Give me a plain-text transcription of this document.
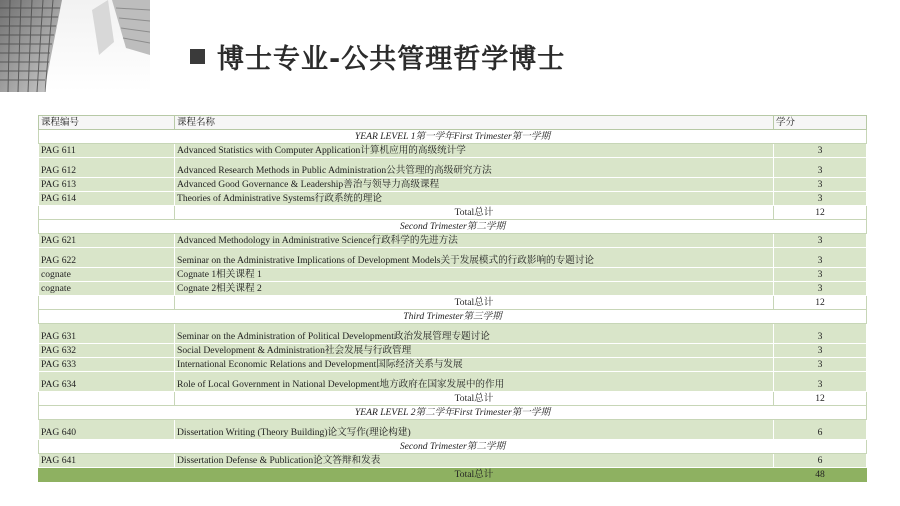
博士专业-公共管理哲学博士
课程编号	课程名称	学分
YEAR LEVEL 1第一学年First Trimester第一学期		
PAG 611	Advanced Statistics with Computer Application计算机应用的高级统计学	3
PAG 612	Advanced Research Methods in Public Administration公共管理的高级研究方法	3
PAG 613	Advanced Good Governance & Leadership善治与领导力高级课程	3
PAG 614	Theories of Administrative Systems行政系统的理论	3
	Total总计	12
Second Trimester第二学期		
PAG 621	Advanced Methodology in Administrative Science行政科学的先进方法	3
PAG 622	Seminar on the Administrative Implications of Development Models关于发展模式的行政影响的专题讨论	3
cognate	Cognate 1相关课程 1	3
cognate	Cognate 2相关课程 2	3
	Total总计	12
Third Trimester第三学期		
PAG 631	Seminar on the Administration of Political Development政治发展管理专题讨论	3
PAG 632	Social Development & Administration社会发展与行政管理	3
PAG 633	International Economic Relations and Development国际经济关系与发展	3
PAG 634	Role of Local Government in National Development地方政府在国家发展中的作用	3
	Total总计	12
YEAR LEVEL 2第二学年First Trimester第一学期		
PAG 640	Dissertation Writing (Theory Building)论文写作(理论构建)	6
Second Trimester第二学期		
PAG 641	Dissertation Defense & Publication论文答辩和发表	6
	Total总计	48
